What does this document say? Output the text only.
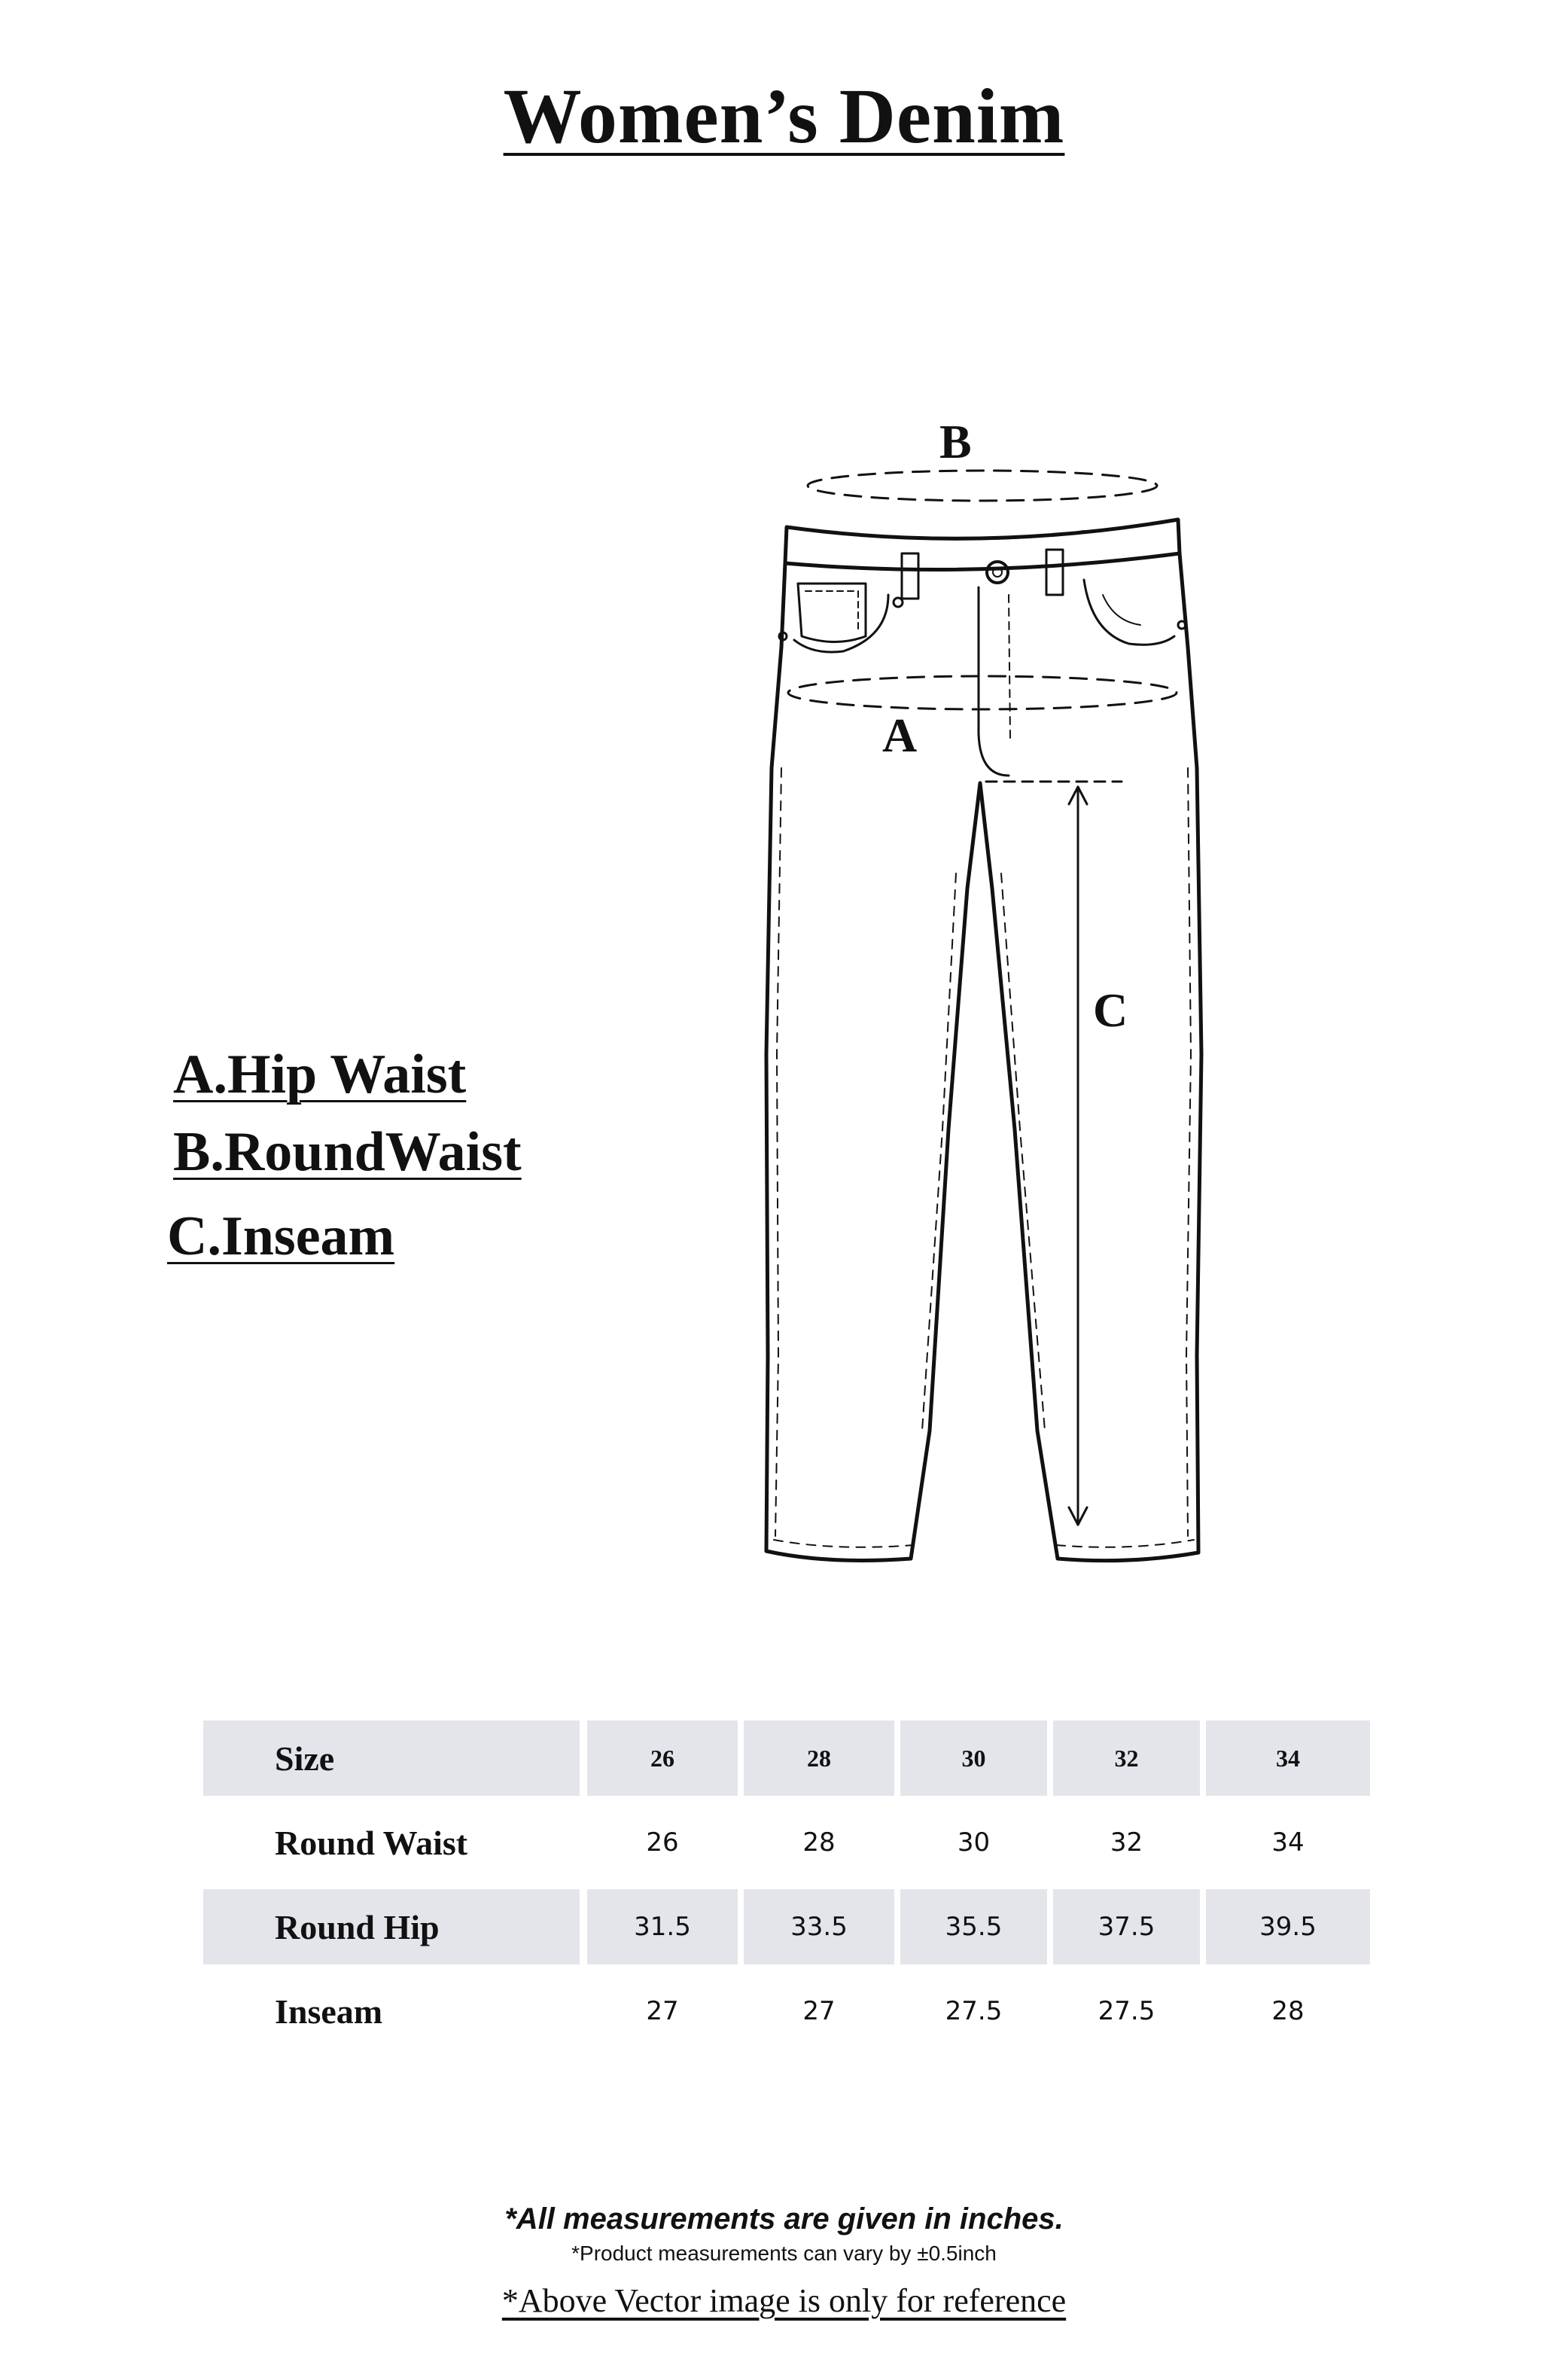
Women’s Denim
B
A
C
A.Hip Waist
B.RoundWaist
C.Inseam
Size	26	28	30	32	34
Round Waist	26	28	30	32	34
Round Hip	31.5	33.5	35.5	37.5	39.5
Inseam	27	27	27.5	27.5	28
*All measurements are given in inches.
*Product measurements can vary by ±0.5inch
*Above Vector image is only for reference
